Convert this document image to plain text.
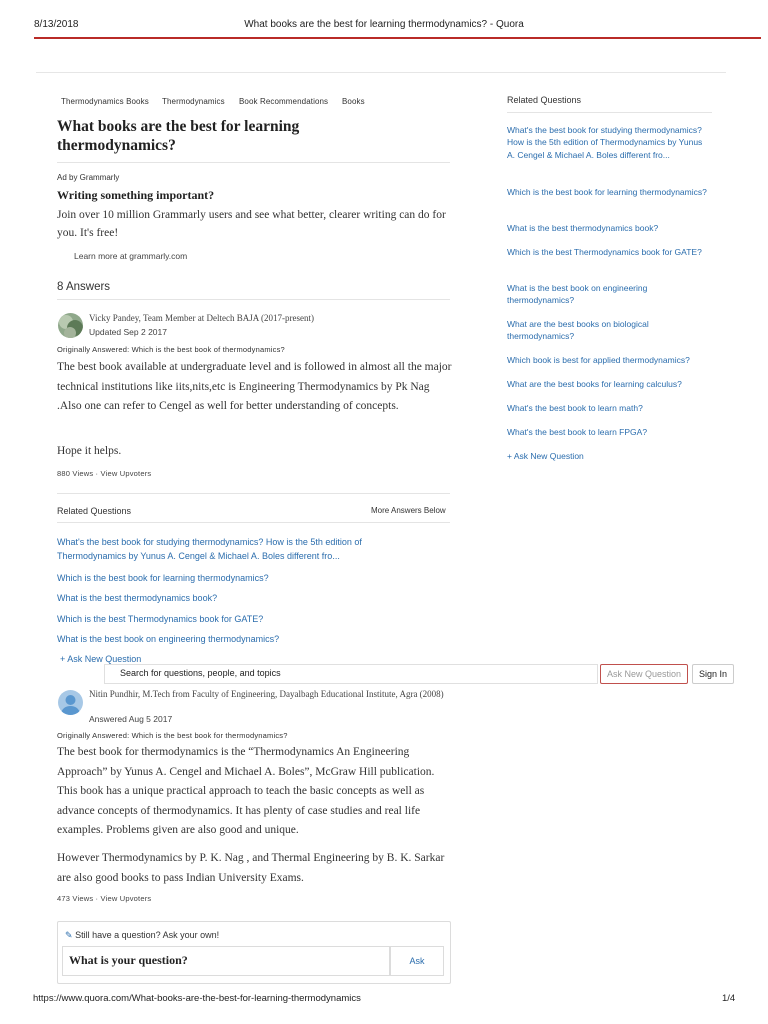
8/13/2018	What books are the best for learning thermodynamics? - Quora
Thermodynamics Books Thermodynamics Book Recommendations Books
What books are the best for learning thermodynamics?
Ad by Grammarly
Writing something important?
Join over 10 million Grammarly users and see what better, clearer writing can do for you. It's free!
Learn more at grammarly.com
8 Answers
Vicky Pandey, Team Member at Deltech BAJA (2017-present)
Updated Sep 2 2017
Originally Answered: Which is the best book of thermodynamics?

The best book available at undergraduate level and is followed in almost all the major technical institutions like iits,nits,etc is Engineering Thermodynamics by Pk Nag .Also one can refer to Cengel as well for better understanding of concepts.

Hope it helps.

880 Views · View Upvoters
Related Questions	More Answers Below
What's the best book for studying thermodynamics? How is the 5th edition of Thermodynamics by Yunus A. Cengel & Michael A. Boles different fro...
Which is the best book for learning thermodynamics?
What is the best thermodynamics book?
Which is the best Thermodynamics book for GATE?
What is the best book on engineering thermodynamics?
+ Ask New Question
Search for questions, people, and topics	Ask New Question	Sign In
Nitin Pundhir, M.Tech from Faculty of Engineering, Dayalbagh Educational Institute, Agra (2008)
Answered Aug 5 2017
Originally Answered: Which is the best book for thermodynamics?

The best book for thermodynamics is the “Thermodynamics An Engineering Approach” by Yunus A. Cengel and Michael A. Boles”, McGraw Hill publication. This book has a unique practical approach to teach the basic concepts as well as advance concepts of thermodynamics. It has plenty of case studies and real life examples. Problems given are also good and unique.

However Thermodynamics by P. K. Nag , and Thermal Engineering by B. K. Sarkar are also good books to pass Indian University Exams.

473 Views · View Upvoters
Related Questions
What's the best book for studying thermodynamics? How is the 5th edition of Thermodynamics by Yunus A. Cengel & Michael A. Boles different fro...
Which is the best book for learning thermodynamics?
What is the best thermodynamics book?
Which is the best Thermodynamics book for GATE?
What is the best book on engineering thermodynamics?
What are the best books on biological thermodynamics?
Which book is best for applied thermodynamics?
What are the best books for learning calculus?
What's the best book to learn math?
What's the best book to learn FPGA?
+ Ask New Question
✎ Still have a question? Ask your own!
What is your question?	Ask
https://www.quora.com/What-books-are-the-best-for-learning-thermodynamics	1/4
